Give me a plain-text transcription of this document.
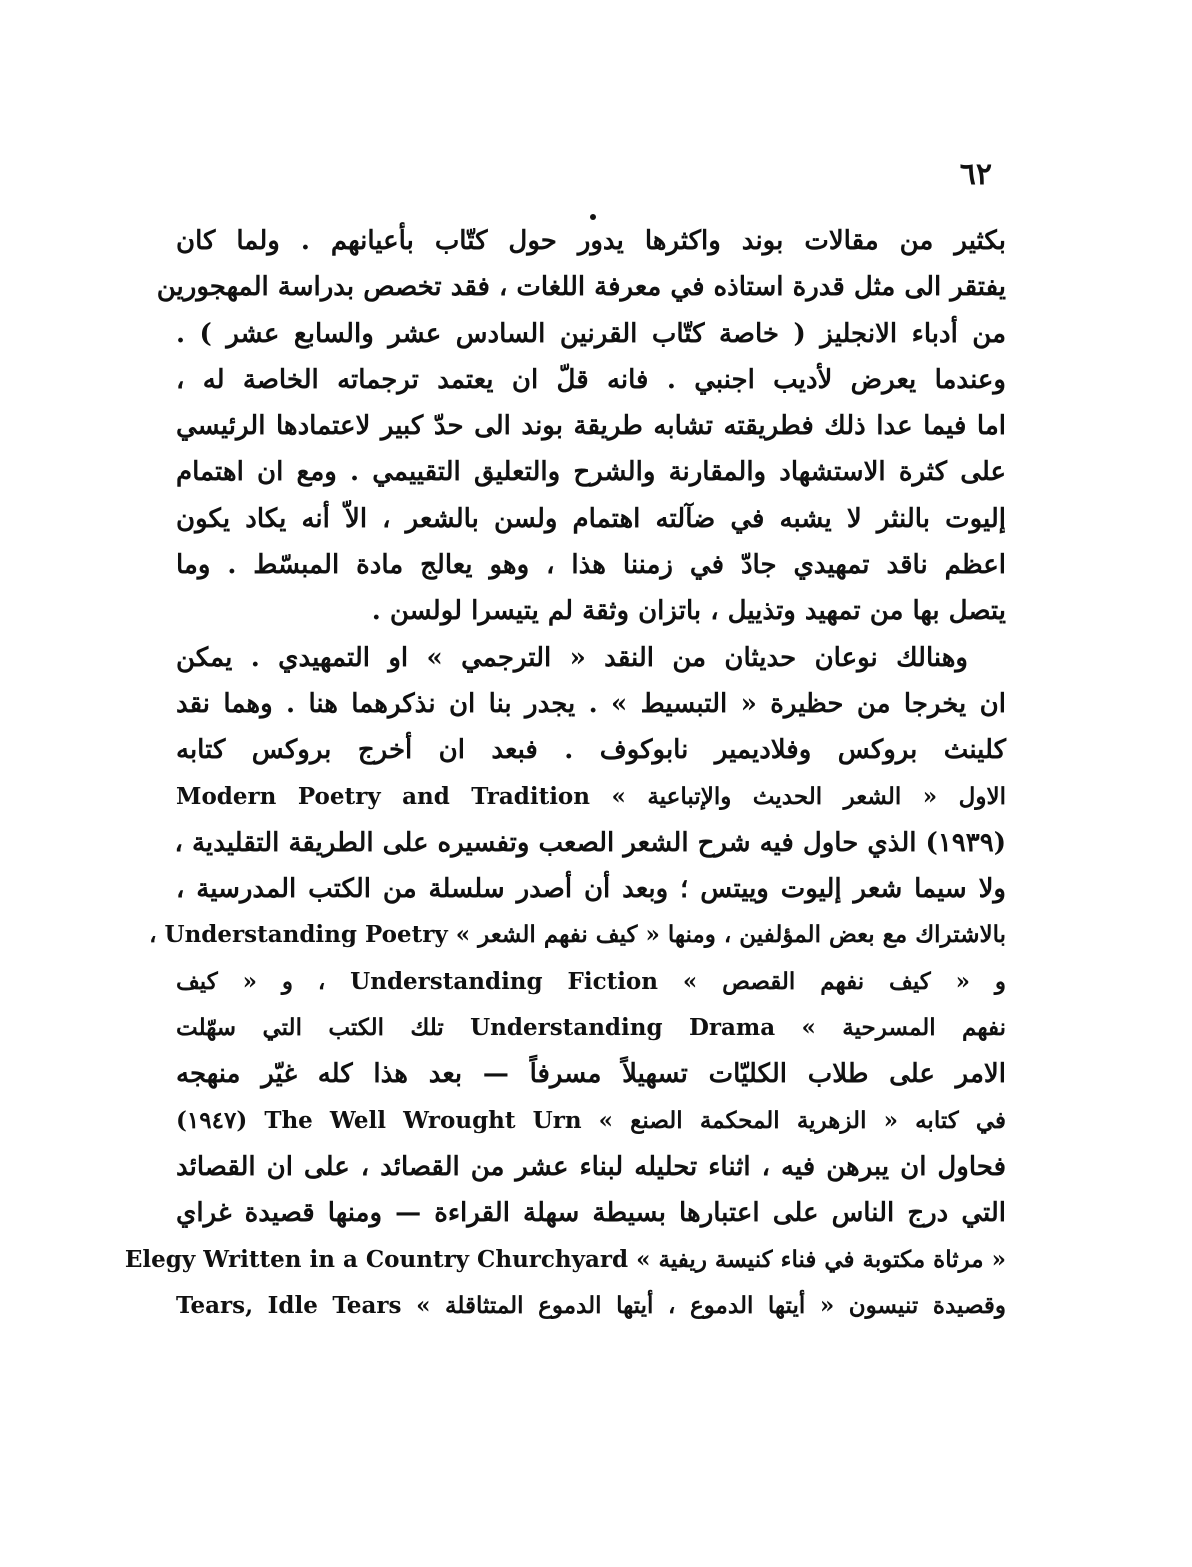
٦٢
بكثير من مقالات بوند واكثرها يدور حول كتّاب بأعيانهم . ولما كان
يفتقر الى مثل قدرة استاذه في معرفة اللغات ، فقد تخصص بدراسة المهجورين
من أدباء الانجليز ( خاصة كتّاب القرنين السادس عشر والسابع عشر ) .
وعندما يعرض لأديب اجنبي . فانه قلّ ان يعتمد ترجماته الخاصة له ،
اما فيما عدا ذلك فطريقته تشابه طريقة بوند الى حدّ كبير لاعتمادها الرئيسي
على كثرة الاستشهاد والمقارنة والشرح والتعليق التقييمي . ومع ان اهتمام
إليوت بالنثر لا يشبه في ضآلته اهتمام ولسن بالشعر ، الاّ أنه يكاد يكون
اعظم ناقد تمهيدي جادّ في زمننا هذا ، وهو يعالج مادة المبسّط . وما
يتصل بها من تمهيد وتذييل ، باتزان وثقة لم يتيسرا لولسن .
وهنالك نوعان حديثان من النقد « الترجمي » او التمهيدي . يمكن
ان يخرجا من حظيرة « التبسيط » . يجدر بنا ان نذكرهما هنا . وهما نقد
كلينث بروكس وفلاديمير نابوكوف . فبعد ان أخرج بروكس كتابه
الاول « الشعر الحديث والإتباعية » Modern Poetry and Tradition
(١٩٣٩) الذي حاول فيه شرح الشعر الصعب وتفسيره على الطريقة التقليدية ،
ولا سيما شعر إليوت وييتس ؛ وبعد أن أصدر سلسلة من الكتب المدرسية ،
بالاشتراك مع بعض المؤلفين ، ومنها « كيف نفهم الشعر » Understanding Poetry ،
و « كيف نفهم القصص » Understanding Fiction ، و « كيف
نفهم المسرحية » Understanding Drama تلك الكتب التي سهّلت
الامر على طلاب الكليّات تسهيلاً مسرفاً — بعد هذا كله غيّر منهجه
في كتابه « الزهرية المحكمة الصنع » The Well Wrought Urn (١٩٤٧)
فحاول ان يبرهن فيه ، اثناء تحليله لبناء عشر من القصائد ، على ان القصائد
التي درج الناس على اعتبارها بسيطة سهلة القراءة — ومنها قصيدة غراي
« مرثاة مكتوبة في فناء كنيسة ريفية » Elegy Written in a Country Churchyard
وقصيدة تنيسون « أيتها الدموع ، أيتها الدموع المتثاقلة » Tears, Idle Tears
